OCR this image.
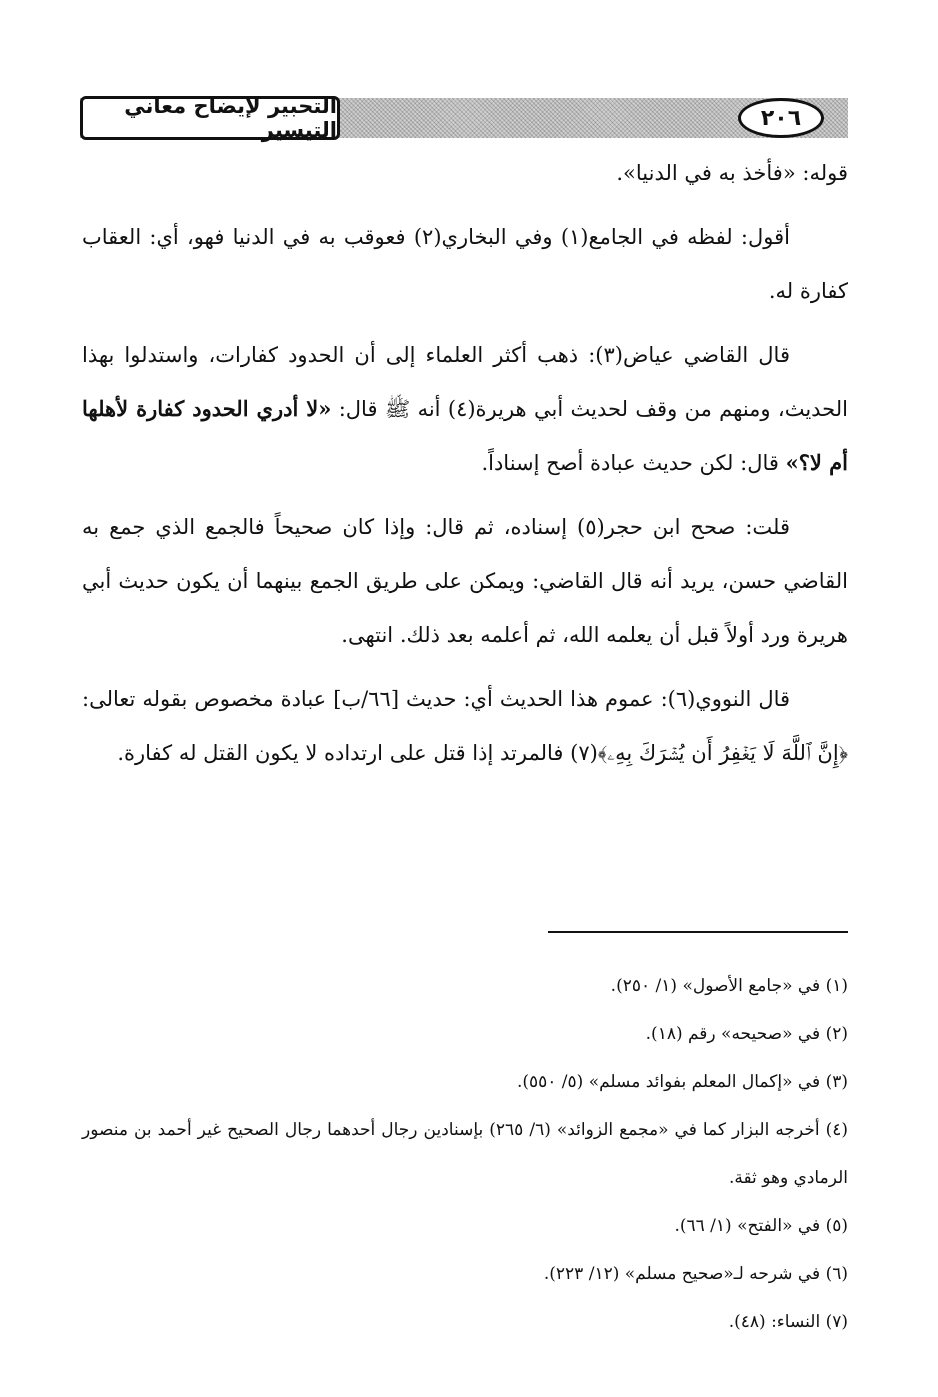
التحبير لإيضاح معاني التيسير	٢٠٦

قوله: «فأخذ به في الدنيا».

أقول: لفظه في الجامع(١) وفي البخاري(٢) فعوقب به في الدنيا فهو، أي: العقاب كفارة له.

قال القاضي عياض(٣): ذهب أكثر العلماء إلى أن الحدود كفارات، واستدلوا بهذا الحديث، ومنهم من وقف لحديث أبي هريرة(٤) أنه ﷺ قال: «لا أدري الحدود كفارة لأهلها أم لا؟» قال: لكن حديث عبادة أصح إسناداً.

قلت: صحح ابن حجر(٥) إسناده، ثم قال: وإذا كان صحيحاً فالجمع الذي جمع به القاضي حسن، يريد أنه قال القاضي: ويمكن على طريق الجمع بينهما أن يكون حديث أبي هريرة ورد أولاً قبل أن يعلمه الله، ثم أعلمه بعد ذلك. انتهى.

قال النووي(٦): عموم هذا الحديث أي: حديث [٦٦/ب] عبادة مخصوص بقوله تعالى: ﴿إِنَّ ٱللَّهَ لَا يَغۡفِرُ أَن يُشۡرَكَ بِهِۦ﴾(٧) فالمرتد إذا قتل على ارتداده لا يكون القتل له كفارة.

(١) في «جامع الأصول» (١/ ٢٥٠).
(٢) في «صحيحه» رقم (١٨).
(٣) في «إكمال المعلم بفوائد مسلم» (٥/ ٥٥٠).
(٤) أخرجه البزار كما في «مجمع الزوائد» (٦/ ٢٦٥) بإسنادين رجال أحدهما رجال الصحيح غير أحمد بن منصور الرمادي وهو ثقة.
(٥) في «الفتح» (١/ ٦٦).
(٦) في شرحه لـ«صحيح مسلم» (١٢/ ٢٢٣).
(٧) النساء: (٤٨).
